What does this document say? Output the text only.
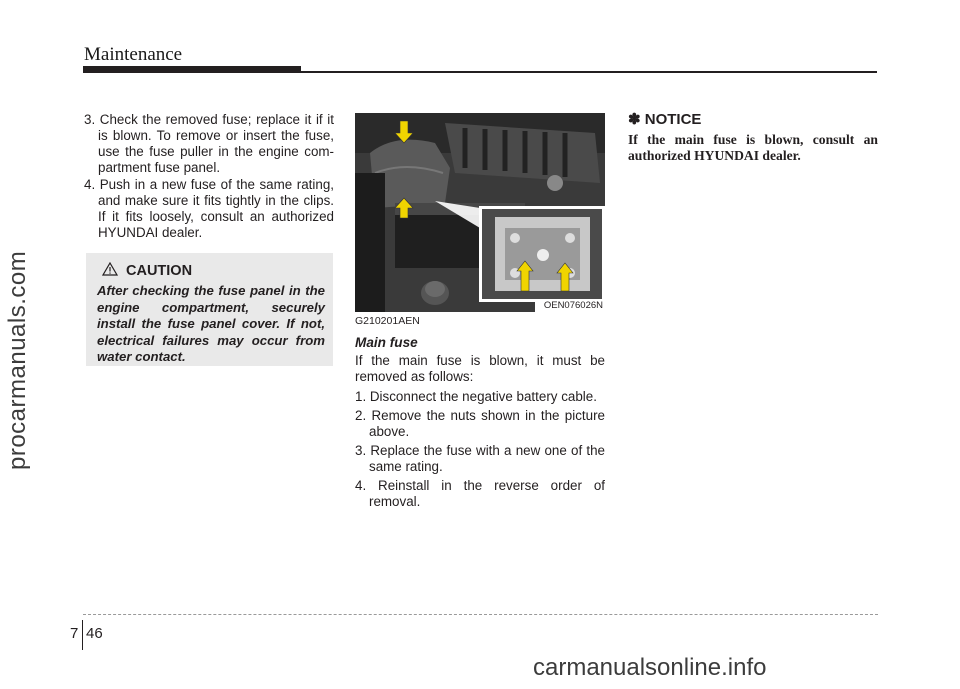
Maintenance
procarmanuals.com
3. Check the removed fuse; replace it if it is blown. To remove or insert the fuse, use the fuse puller in the engine com-partment fuse panel.
4. Push in a new fuse of the same rating, and make sure it fits tightly in the clips. If it fits loosely, consult an authorized HYUNDAI dealer.
CAUTION
After checking the fuse panel in the engine compartment, securely install the fuse panel cover. If not, electrical failures may occur from water contact.
OEN076026N
G210201AEN
Main fuse
If the main fuse is blown, it must be removed as follows:
1. Disconnect the negative battery cable.
2. Remove the nuts shown in the picture above.
3. Replace the fuse with a new one of the same rating.
4. Reinstall in the reverse order of removal.
✽ NOTICE
If the main fuse is blown, consult an authorized HYUNDAI dealer.
7 46
carmanualsonline.info
